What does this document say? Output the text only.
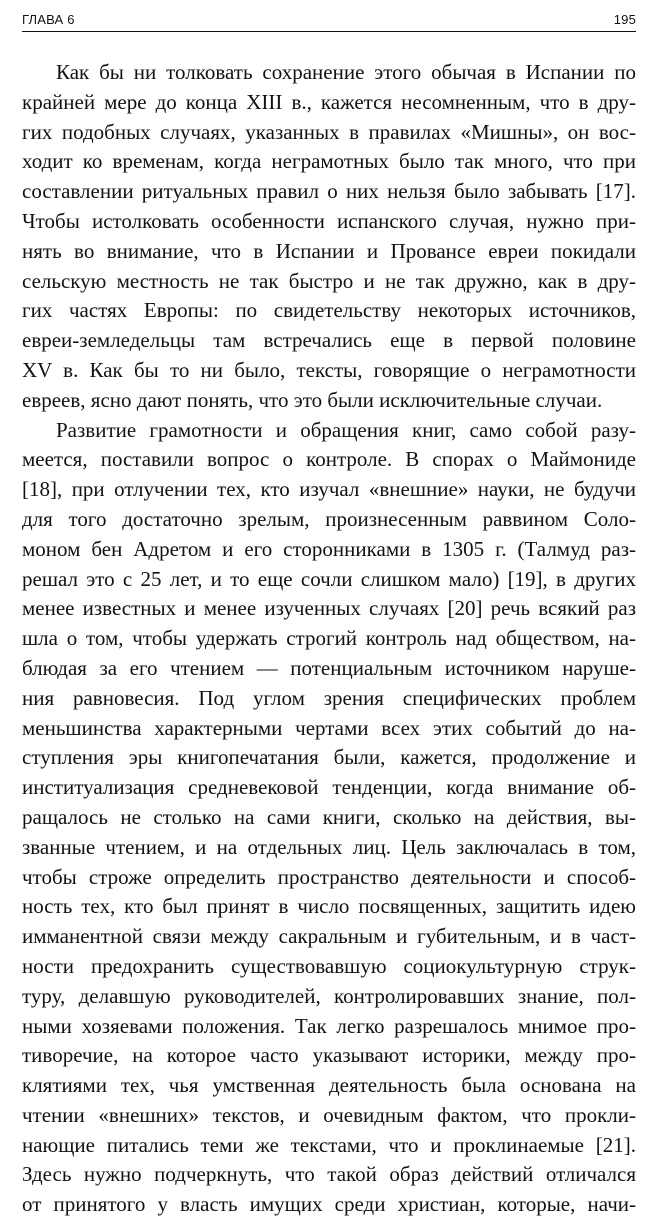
ГЛАВА 6	195
Как бы ни толковать сохранение этого обычая в Испании по
крайней мере до конца XIII в., кажется несомненным, что в дру-
гих подобных случаях, указанных в правилах «Мишны», он вос-
ходит ко временам, когда неграмотных было так много, что при
составлении ритуальных правил о них нельзя было забывать [17].
Чтобы истолковать особенности испанского случая, нужно при-
нять во внимание, что в Испании и Провансе евреи покидали
сельскую местность не так быстро и не так дружно, как в дру-
гих частях Европы: по свидетельству некоторых источников,
евреи-земледельцы там встречались еще в первой половине
XV в. Как бы то ни было, тексты, говорящие о неграмотности
евреев, ясно дают понять, что это были исключительные случаи.
Развитие грамотности и обращения книг, само собой разу-
меется, поставили вопрос о контроле. В спорах о Маймониде
[18], при отлучении тех, кто изучал «внешние» науки, не будучи
для того достаточно зрелым, произнесенным раввином Соло-
моном бен Адретом и его сторонниками в 1305 г. (Талмуд раз-
решал это с 25 лет, и то еще сочли слишком мало) [19], в других
менее известных и менее изученных случаях [20] речь всякий раз
шла о том, чтобы удержать строгий контроль над обществом, на-
блюдая за его чтением — потенциальным источником наруше-
ния равновесия. Под углом зрения специфических проблем
меньшинства характерными чертами всех этих событий до на-
ступления эры книгопечатания были, кажется, продолжение и
институализация средневековой тенденции, когда внимание об-
ращалось не столько на сами книги, сколько на действия, вы-
званные чтением, и на отдельных лиц. Цель заключалась в том,
чтобы строже определить пространство деятельности и способ-
ность тех, кто был принят в число посвященных, защитить идею
имманентной связи между сакральным и губительным, и в част-
ности предохранить существовавшую социокультурную струк-
туру, делавшую руководителей, контролировавших знание, пол-
ными хозяевами положения. Так легко разрешалось мнимое про-
тиворечие, на которое часто указывают историки, между про-
клятиями тех, чья умственная деятельность была основана на
чтении «внешних» текстов, и очевидным фактом, что прокли-
нающие питались теми же текстами, что и проклинаемые [21].
Здесь нужно подчеркнуть, что такой образ действий отличался
от принятого у власть имущих среди христиан, которые, начи-
